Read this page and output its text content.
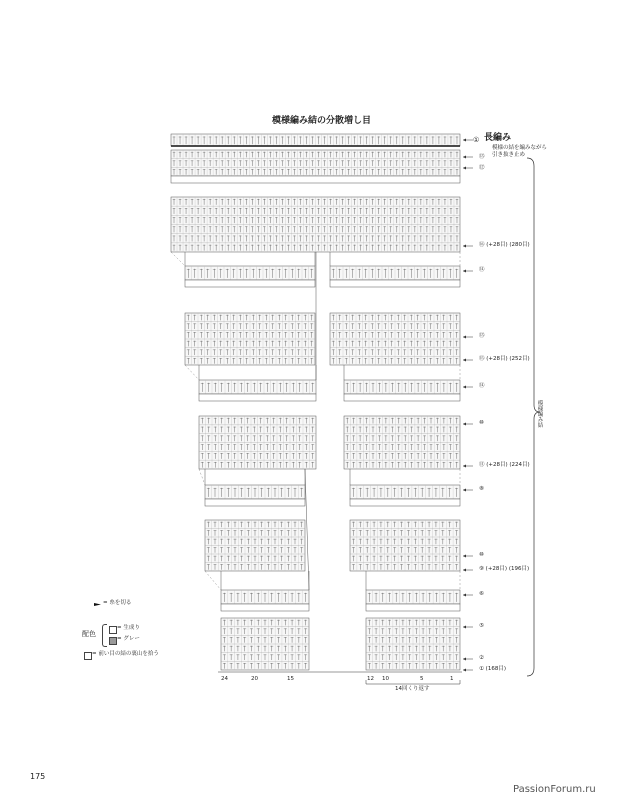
模様編み結の分散増し目
① 長編み
模様の結を編みながら
引き抜き止め
模様編み結
⑬
⑫
⑯ (+28目) (280目)
⑭
⑬
⑮ (+28目) (252目)
⑭
⑩
⑪ (+28目) (224目)
⑧
⑩
⑨ (+28目) (196目)
⑥
⑤
②
① (168目)
24	20	15	12 10	5	1
14回くり返す
= 糸を切る
配色
= 生成り
= グレー
= 前い目の結の裏山を拾う
175
PassionForum.ru
